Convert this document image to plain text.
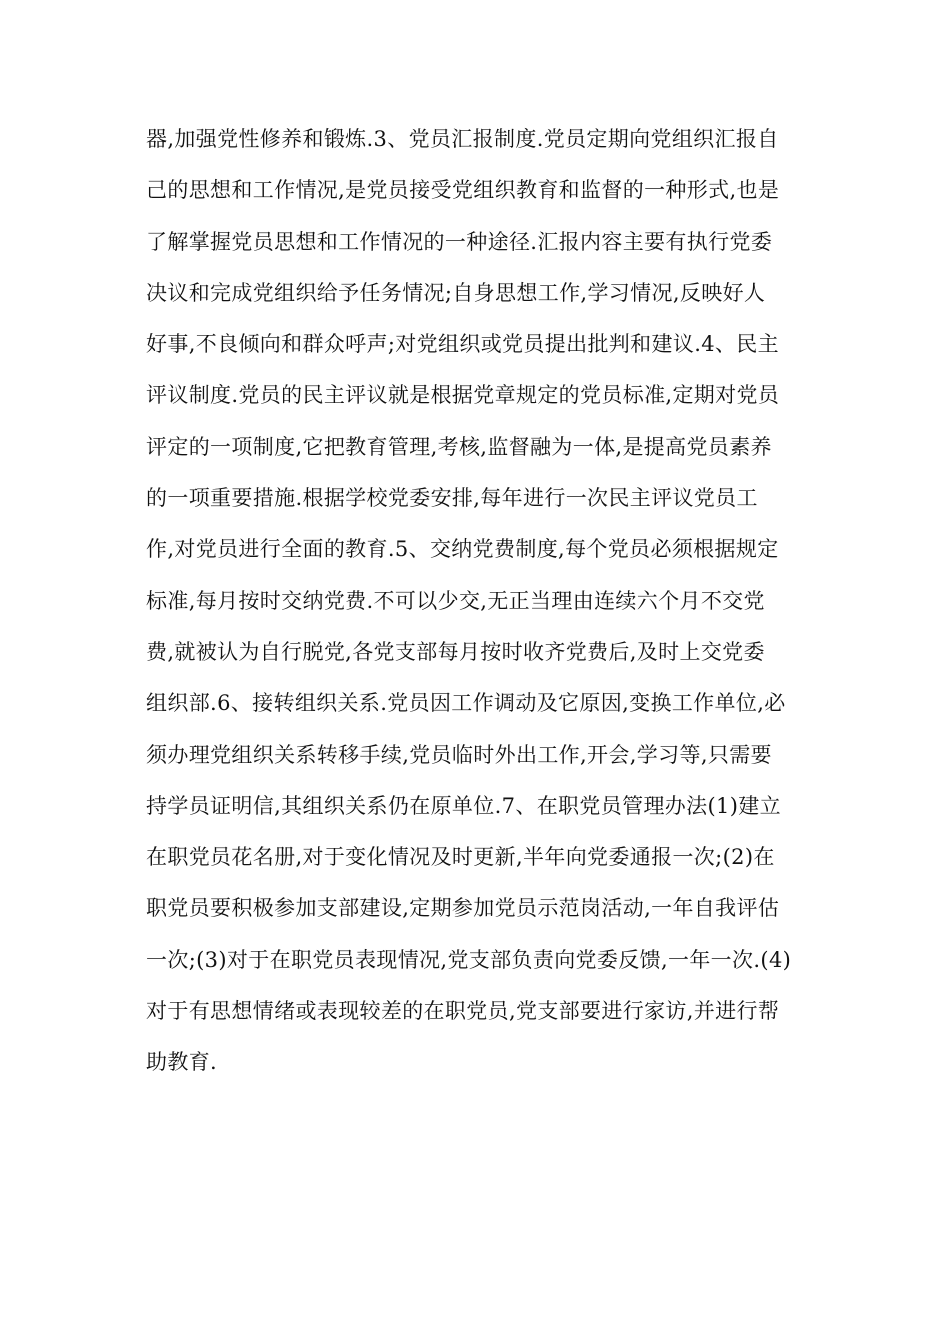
器,加强党性修养和锻炼.3、党员汇报制度.党员定期向党组织汇报自
己的思想和工作情况,是党员接受党组织教育和监督的一种形式,也是
了解掌握党员思想和工作情况的一种途径.汇报内容主要有执行党委
决议和完成党组织给予任务情况;自身思想工作,学习情况,反映好人
好事,不良倾向和群众呼声;对党组织或党员提出批判和建议.4、民主
评议制度.党员的民主评议就是根据党章规定的党员标准,定期对党员
评定的一项制度,它把教育管理,考核,监督融为一体,是提高党员素养
的一项重要措施.根据学校党委安排,每年进行一次民主评议党员工
作,对党员进行全面的教育.5、交纳党费制度,每个党员必须根据规定
标准,每月按时交纳党费.不可以少交,无正当理由连续六个月不交党
费,就被认为自行脱党,各党支部每月按时收齐党费后,及时上交党委
组织部.6、接转组织关系.党员因工作调动及它原因,变换工作单位,必
须办理党组织关系转移手续,党员临时外出工作,开会,学习等,只需要
持学员证明信,其组织关系仍在原单位.7、在职党员管理办法(1)建立
在职党员花名册,对于变化情况及时更新,半年向党委通报一次;(2)在
职党员要积极参加支部建设,定期参加党员示范岗活动,一年自我评估
一次;(3)对于在职党员表现情况,党支部负责向党委反馈,一年一次.(4)
对于有思想情绪或表现较差的在职党员,党支部要进行家访,并进行帮
助教育.
